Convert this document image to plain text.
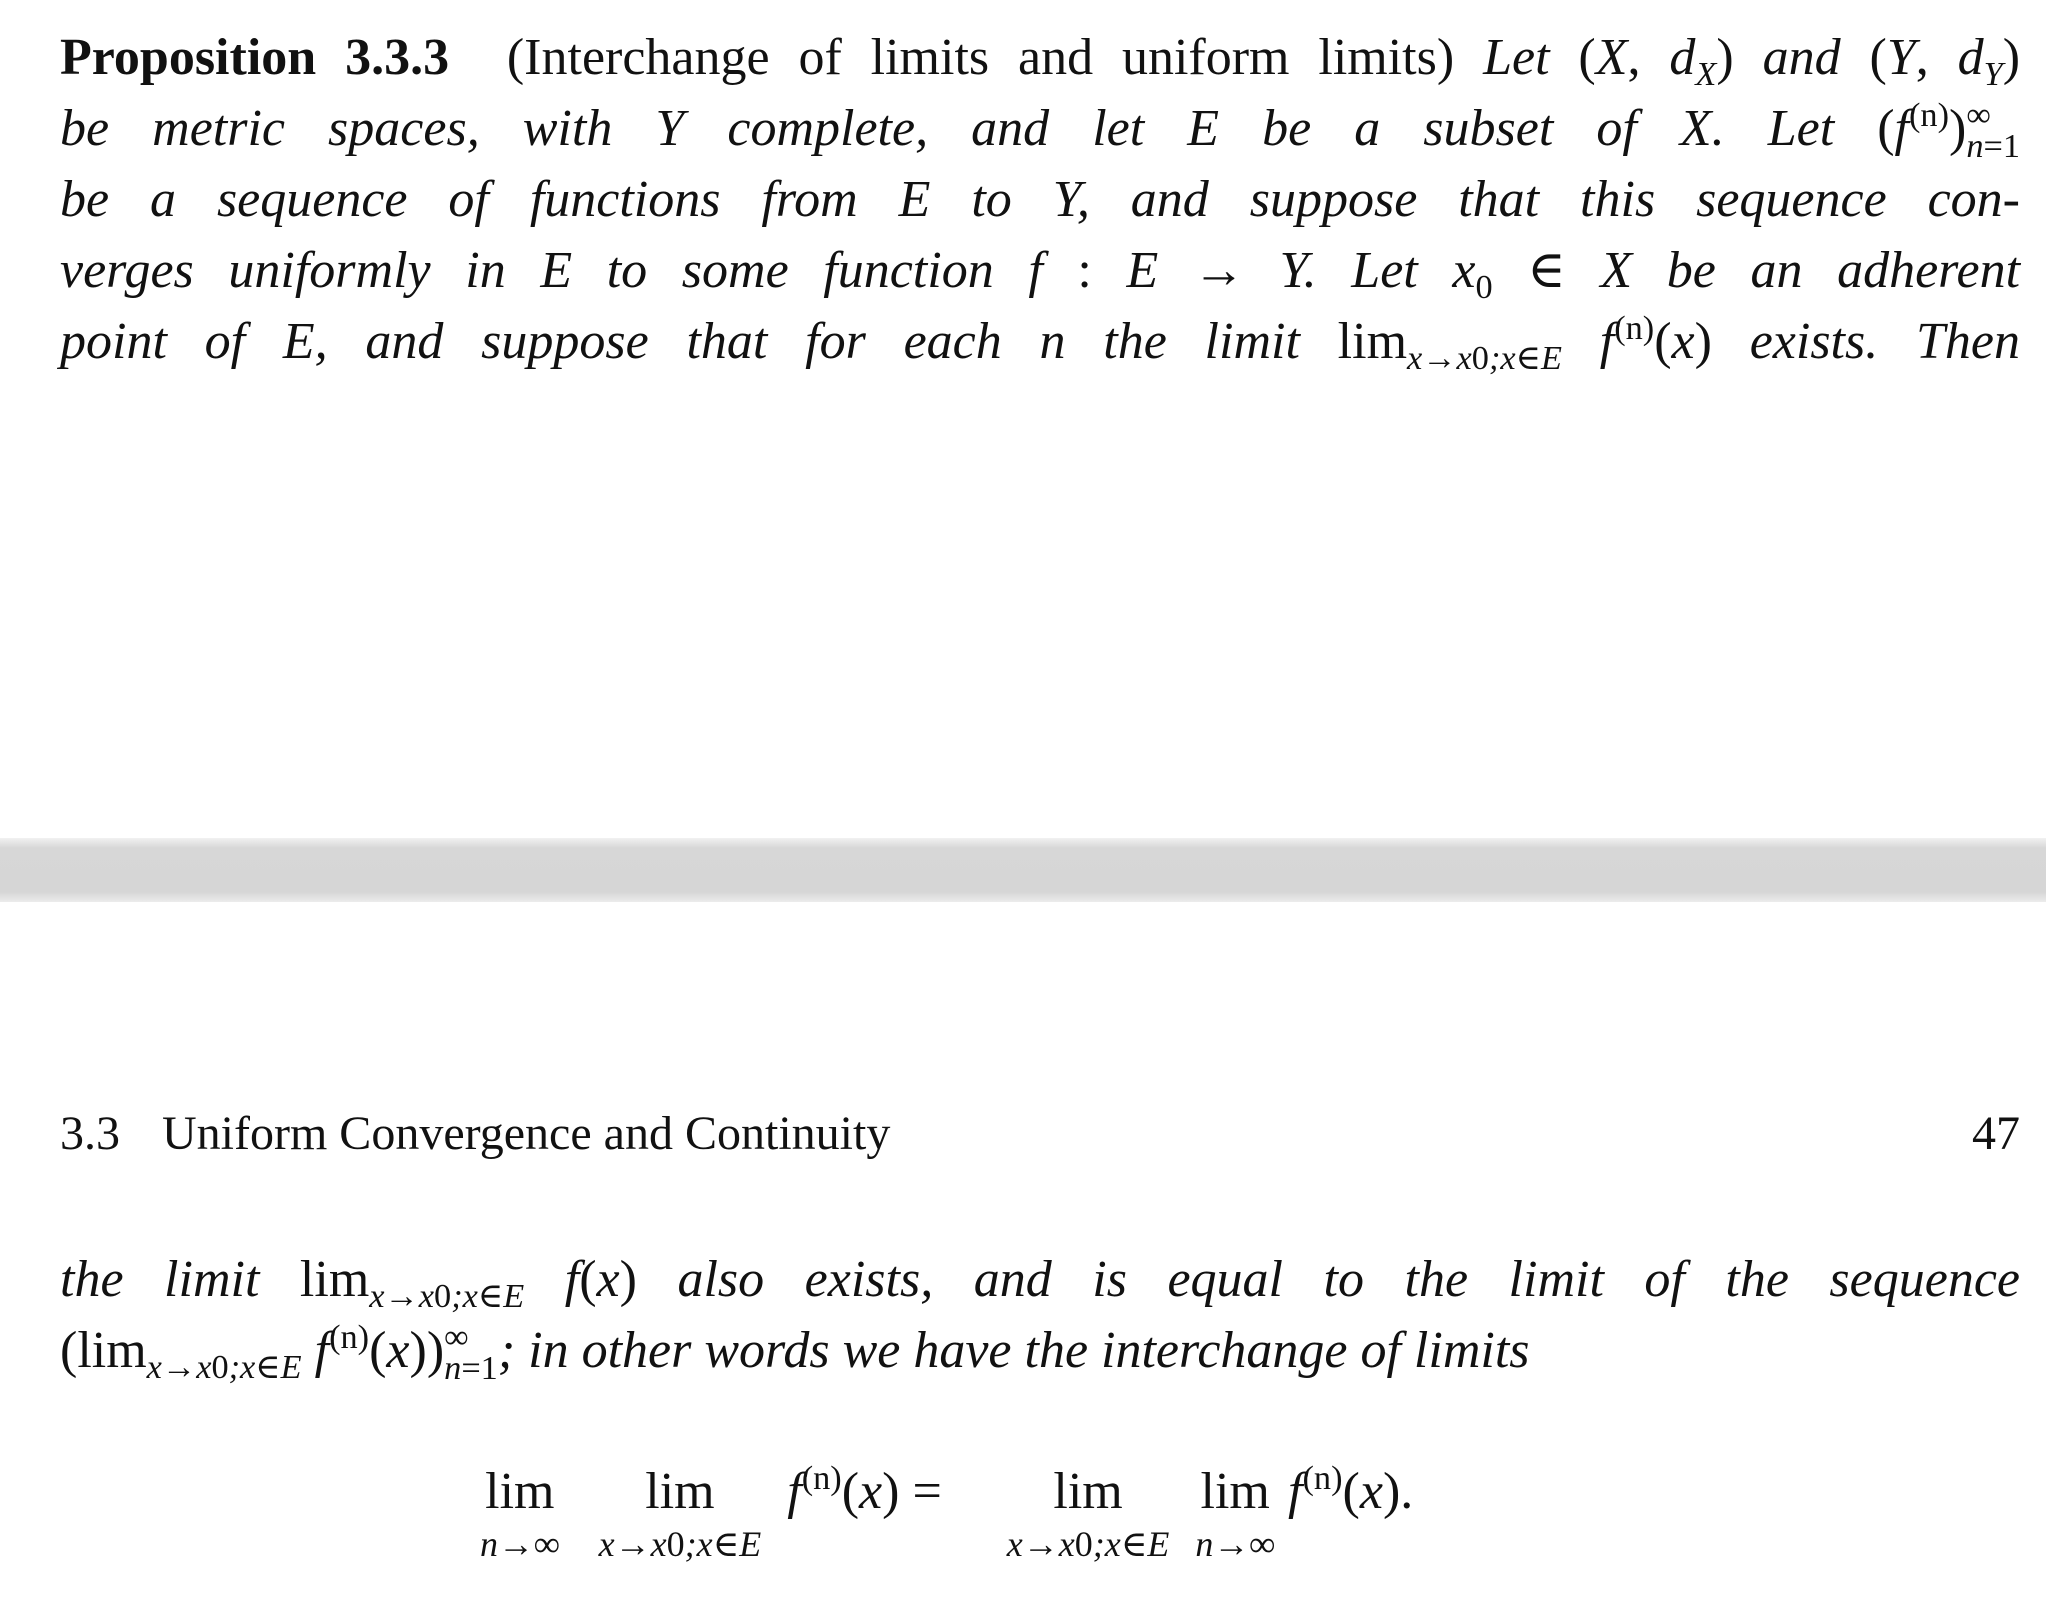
Proposition 3.3.3 (Interchange of limits and uniform limits) Let (X, $d_X$) and (Y, $d_Y$)
be metric spaces, with Y complete, and let E be a subset of X. Let $(f^{(n)})$ ∞
n=1
be a sequence of functions from E to Y, and suppose that this sequence con-
verges uniformly in E to some function f : E → Y. Let $x_0$ ∈ X be an adherent
point of E, and suppose that for each n the limit $\lim_{x\to x0;x\in E} f^{(n)}(x)$ exists. Then
3.3 Uniform Convergence and Continuity	47
the limit $\lim_{x\to x0;x\in E} f(x)$ also exists, and is equal to the limit of the sequence
($\lim_{x\to x0;x\in E}$ $f^{(n)}(x)$) ∞
n=1 ; in other words we have the interchange of limits
lim
n→∞

lim
x→x0;x∈E
$f^{(n)}(x)$ =	lim
x→x0;x∈E

lim
n→∞
$f^{(n)}(x)$.
